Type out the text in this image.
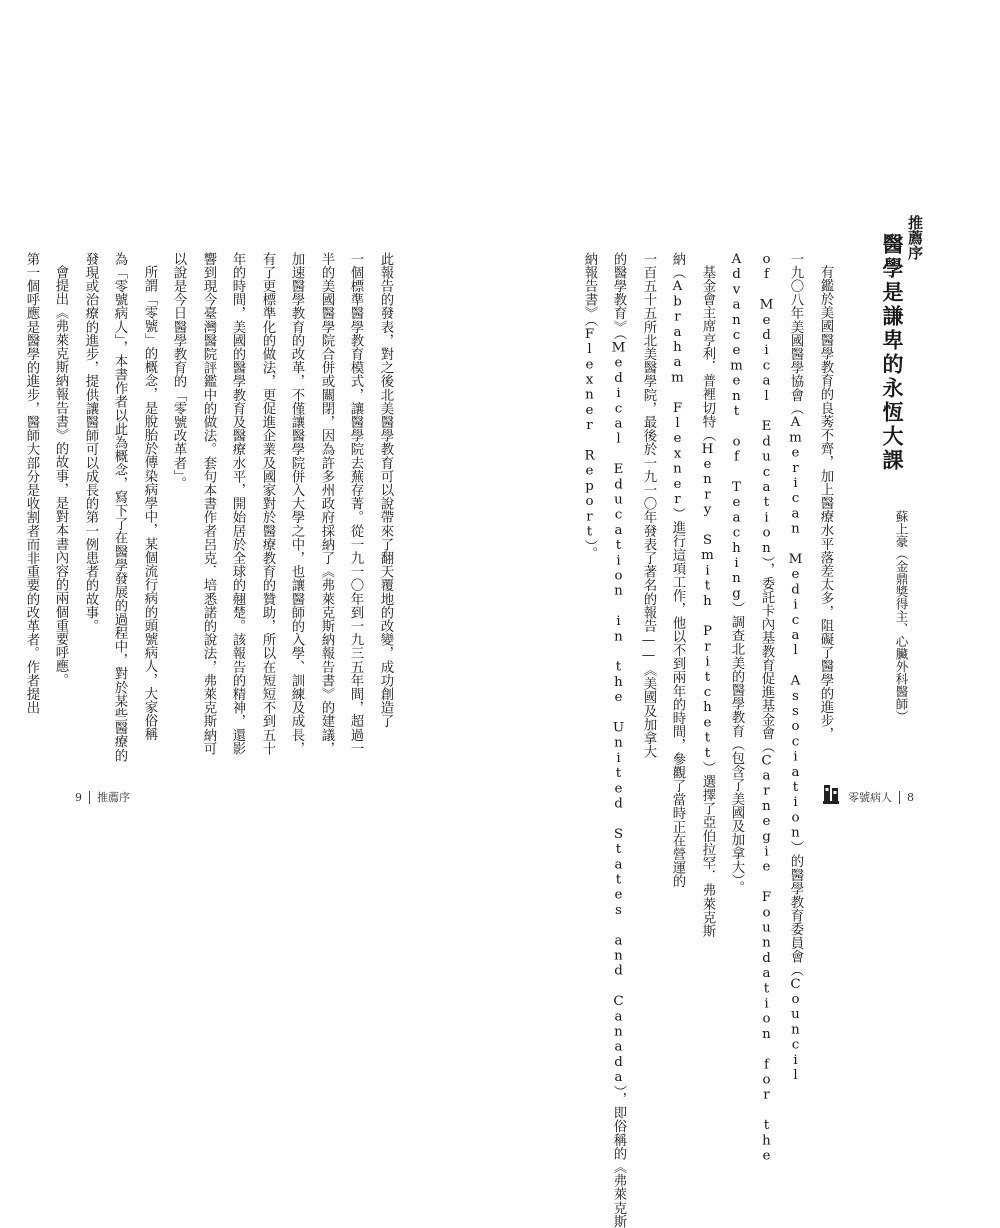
此報告的發表，對之後北美醫學教育可以說帶來了翻天覆地的改變，成功創造了
一個標準醫學教育模式，讓醫學院去蕪存菁。從一九一〇年到一九三五年間，超過一
半的美國醫學院合併或關閉，因為許多州政府採納了《弗萊克斯納報告書》的建議，
加速醫學教育的改革，不僅讓醫學院併入大學之中，也讓醫師的入學、訓練及成長，
有了更標準化的做法，更促進企業及國家對於醫療教育的贊助，所以在短短不到五十
年的時間，美國的醫學教育及醫療水平，開始居於全球的翹楚。該報告的精神，還影
響到現今臺灣醫院評鑑中的做法。套句本書作者呂克．培悉諾的說法，弗萊克斯納可
以說是今日醫學教育的「零號改革者」。
所謂「零號」的概念，是脫胎於傳染病學中，某個流行病的頭號病人，大家俗稱
為「零號病人」，本書作者以此為概念，寫下了在醫學發展的過程中，對於某些醫療的
發現或治療的進步，提供讓醫師可以成長的第一例患者的故事。
會提出《弗萊克斯納報告書》的故事，是對本書內容的兩個重要呼應。
第一個呼應是醫學的進步，醫師大部分是收割者而非重要的改革者。作者提出
9 推薦序
推薦序
醫學是謙卑的永恆大課
蘇上豪（金鼎獎得主、心臟外科醫師）
有鑑於美國醫學教育的良莠不齊，加上醫療水平落差太多，阻礙了醫學的進步，
一九〇八年美國醫學協會（American Medical Association）的醫學教育委員會（Council
of Medical Education），委託卡內基教育促進基金會（Carnegie Foundation for the
Advancement of Teaching）調查北美的醫學教育（包含了美國及加拿大）。
基金會主席亨利．普裡切特（Henry Smith Pritchett）選擇了亞伯拉罕．弗萊克斯
納（Abraham Flexner）進行這項工作，他以不到兩年的時間，參觀了當時正在營運的
一百五十五所北美醫學院，最後於一九一〇年發表了著名的報告——《美國及加拿大
的醫學教育》（Medical Education in the United States and Canada），即俗稱的《弗萊克斯
納報告書》（Flexner Report）。
零號病人 8
